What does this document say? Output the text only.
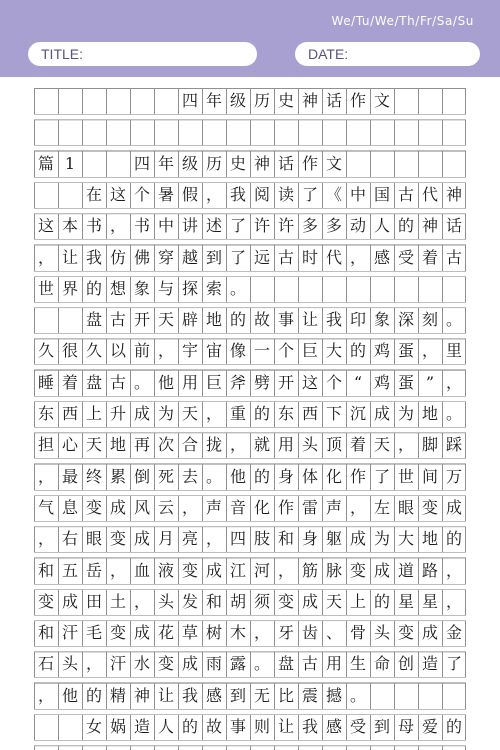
We/Tu/We/Th/Fr/Sa/Su
TITLE:	DATE:
四 年 级 历 史 神 话 作 文
篇 1	四 年 级 历 史 神 话 作 文
在 这 个 暑 假 ， 我 阅 读 了 《 中 国 古 代 神
这 本 书 ， 书 中 讲 述 了 许 许 多 多 动 人 的 神 话
， 让 我 仿 佛 穿 越 到 了 远 古 时 代 ， 感 受 着 古
世 界 的 想 象 与 探 索 。
盘 古 开 天 辟 地 的 故 事 让 我 印 象 深 刻 。
久 很 久 以 前 ， 宇 宙 像 一 个 巨 大 的 鸡 蛋 ， 里
睡 着 盘 古 。 他 用 巨 斧 劈 开 这 个 “ 鸡 蛋 ” ，
东 西 上 升 成 为 天 ， 重 的 东 西 下 沉 成 为 地 。
担 心 天 地 再 次 合 拢 ， 就 用 头 顶 着 天 ， 脚 踩
， 最 终 累 倒 死 去 。 他 的 身 体 化 作 了 世 间 万
气 息 变 成 风 云 ， 声 音 化 作 雷 声 ， 左 眼 变 成
， 右 眼 变 成 月 亮 ， 四 肢 和 身 躯 成 为 大 地 的
和 五 岳 ， 血 液 变 成 江 河 ， 筋 脉 变 成 道 路 ，
变 成 田 土 ， 头 发 和 胡 须 变 成 天 上 的 星 星 ，
和 汗 毛 变 成 花 草 树 木 ， 牙 齿 、 骨 头 变 成 金
石 头 ， 汗 水 变 成 雨 露 。 盘 古 用 生 命 创 造 了
， 他 的 精 神 让 我 感 到 无 比 震 撼 。
女 娲 造 人 的 故 事 则 让 我 感 受 到 母 爱 的
